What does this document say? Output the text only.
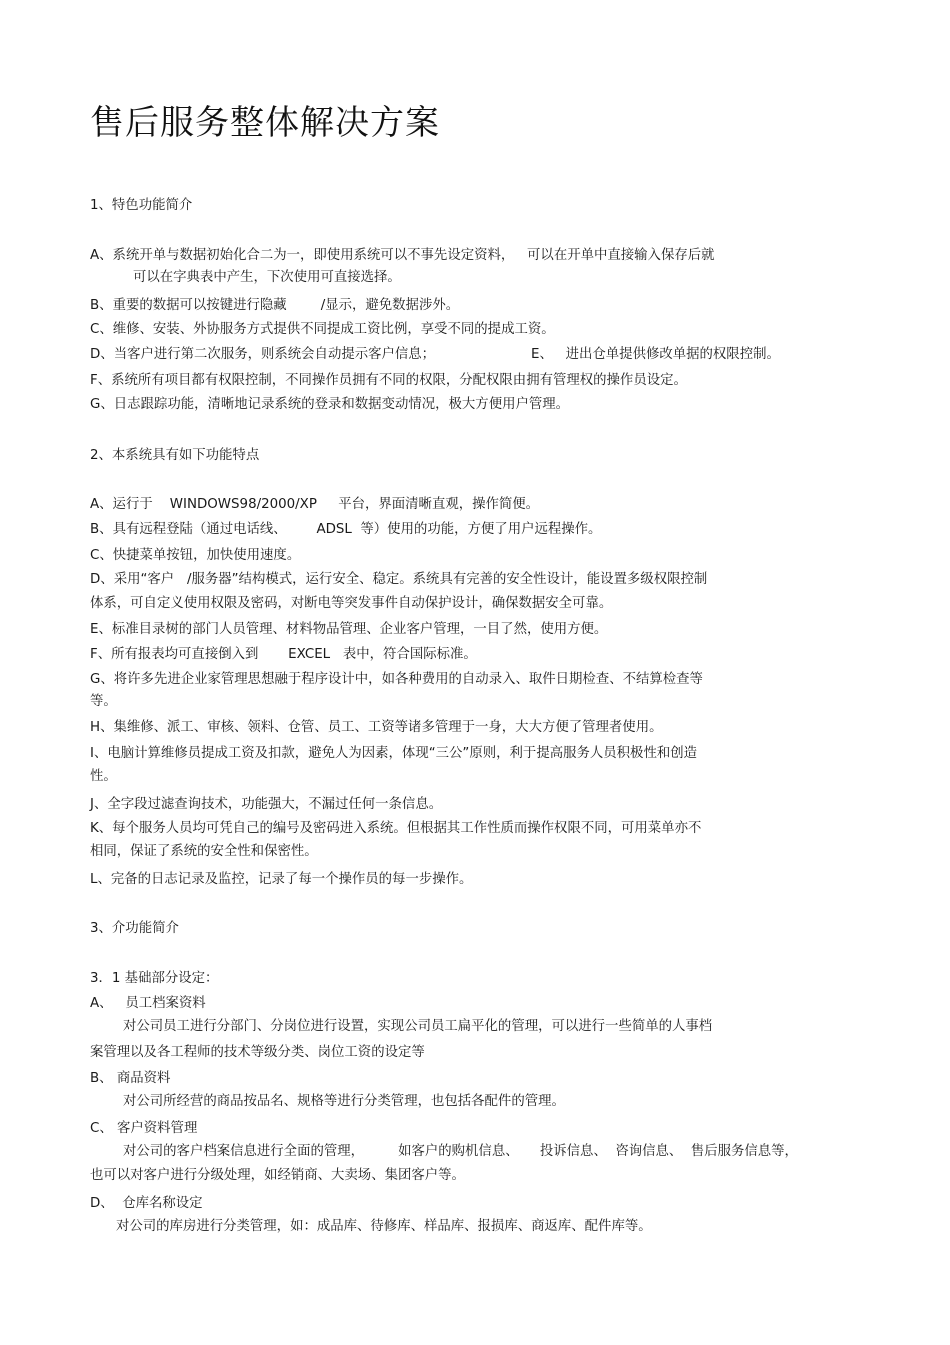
售后服务整体解决方案
1、特色功能简介
A、系统开单与数据初始化合二为一，即使用系统可以不事先设定资料，   可以在开单中直接输入保存后就
可以在字典表中产生，下次使用可直接选择。
B、重要的数据可以按键进行隐藏        /显示，避免数据涉外。
C、维修、安装、外协服务方式提供不同提成工资比例，享受不同的提成工资。
D、当客户进行第二次服务，则系统会自动提示客户信息；	E、   进出仓单提供修改单据的权限控制。
F、系统所有项目都有权限控制，不同操作员拥有不同的权限，分配权限由拥有管理权的操作员设定。
G、日志跟踪功能，清晰地记录系统的登录和数据变动情况，极大方便用户管理。
2、本系统具有如下功能特点
A、运行于    WINDOWS98/2000/XP     平台，界面清晰直观，操作简便。
B、具有远程登陆（通过电话线、       ADSL  等）使用的功能，方便了用户远程操作。
C、快捷菜单按钮，加快使用速度。
D、采用“客户   /服务器”结构模式，运行安全、稳定。系统具有完善的安全性设计，能设置多级权限控制
体系，可自定义使用权限及密码，对断电等突发事件自动保护设计，确保数据安全可靠。
E、标准目录树的部门人员管理、材料物品管理、企业客户管理，一目了然，使用方便。
F、所有报表均可直接倒入到       EXCEL   表中，符合国际标准。
G、将许多先进企业家管理思想融于程序设计中，如各种费用的自动录入、取件日期检查、不结算检查等
等。
H、集维修、派工、审核、领料、仓管、员工、工资等诸多管理于一身，大大方便了管理者使用。
I、电脑计算维修员提成工资及扣款，避免人为因素，体现“三公”原则，利于提高服务人员积极性和创造
性。
J、全字段过滤查询技术，功能强大，不漏过任何一条信息。
K、每个服务人员均可凭自己的编号及密码进入系统。但根据其工作性质而操作权限不同，可用菜单亦不
相同，保证了系统的安全性和保密性。
L、完备的日志记录及监控，记录了每一个操作员的每一步操作。
3、介功能简介
3．1 基础部分设定：
A、   员工档案资料
对公司员工进行分部门、分岗位进行设置，实现公司员工扁平化的管理，可以进行一些简单的人事档
案管理以及各工程师的技术等级分类、岗位工资的设定等
B、 商品资料
对公司所经营的商品按品名、规格等进行分类管理，也包括各配件的管理。
C、 客户资料管理
对公司的客户档案信息进行全面的管理，        如客户的购机信息、     投诉信息、  咨询信息、  售后服务信息等，
也可以对客户进行分级处理，如经销商、大卖场、集团客户等。
D、  仓库名称设定
对公司的库房进行分类管理，如：成品库、待修库、样品库、报损库、商返库、配件库等。
